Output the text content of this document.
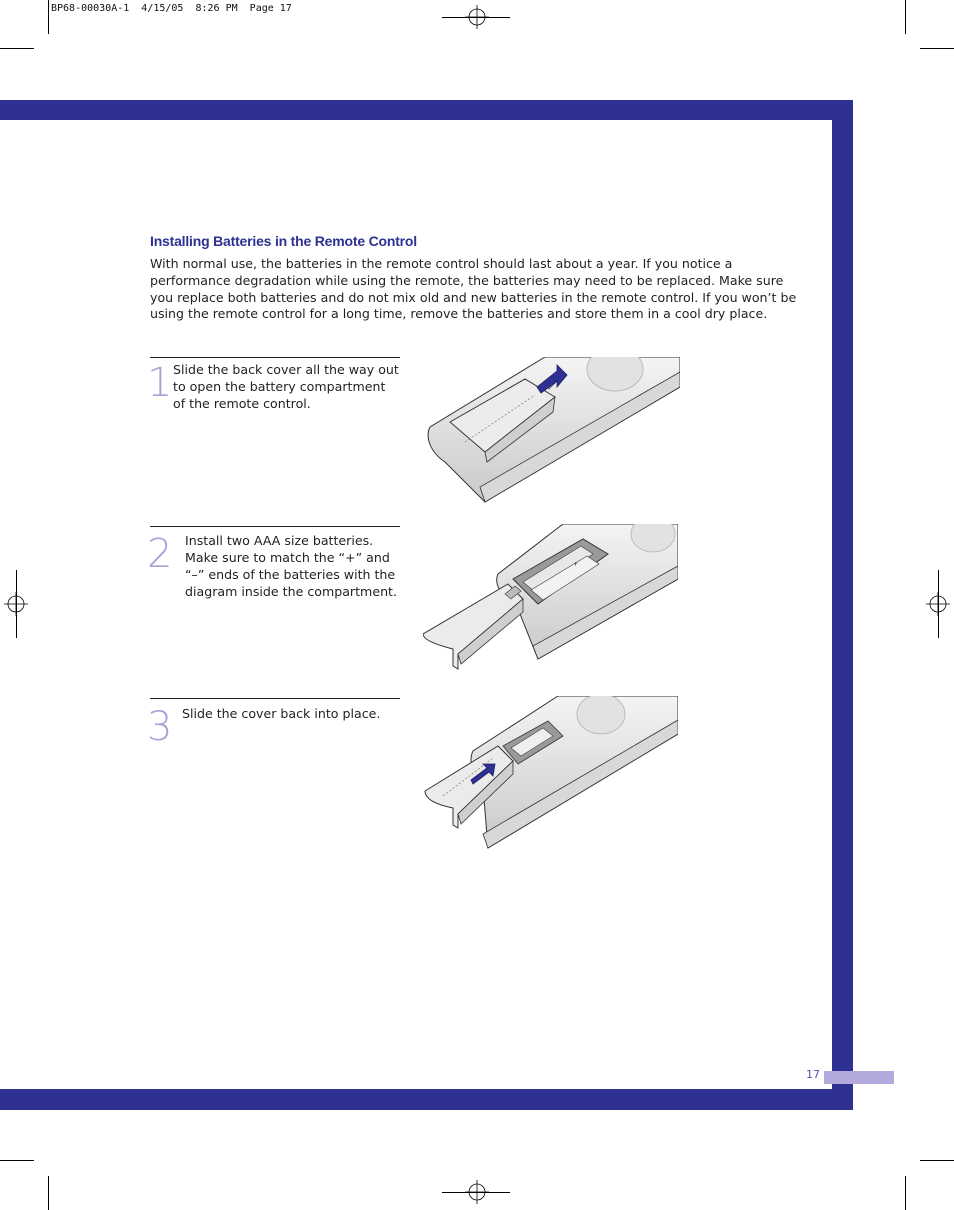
BP68-00030A-1  4/15/05  8:26 PM  Page 17
Installing Batteries in the Remote Control
With normal use, the batteries in the remote control should last about a year. If you notice a performance degradation while using the remote, the batteries may need to be replaced. Make sure you replace both batteries and do not mix old and new batteries in the remote control. If you won’t be using the remote control for a long time, remove the batteries and store them in a cool dry place.
1 Slide the back cover all the way out to open the battery compartment of the remote control.
2 Install two AAA size batteries. Make sure to match the “+” and “–” ends of the batteries with the diagram inside the compartment.
+
3 Slide the cover back into place.
17
